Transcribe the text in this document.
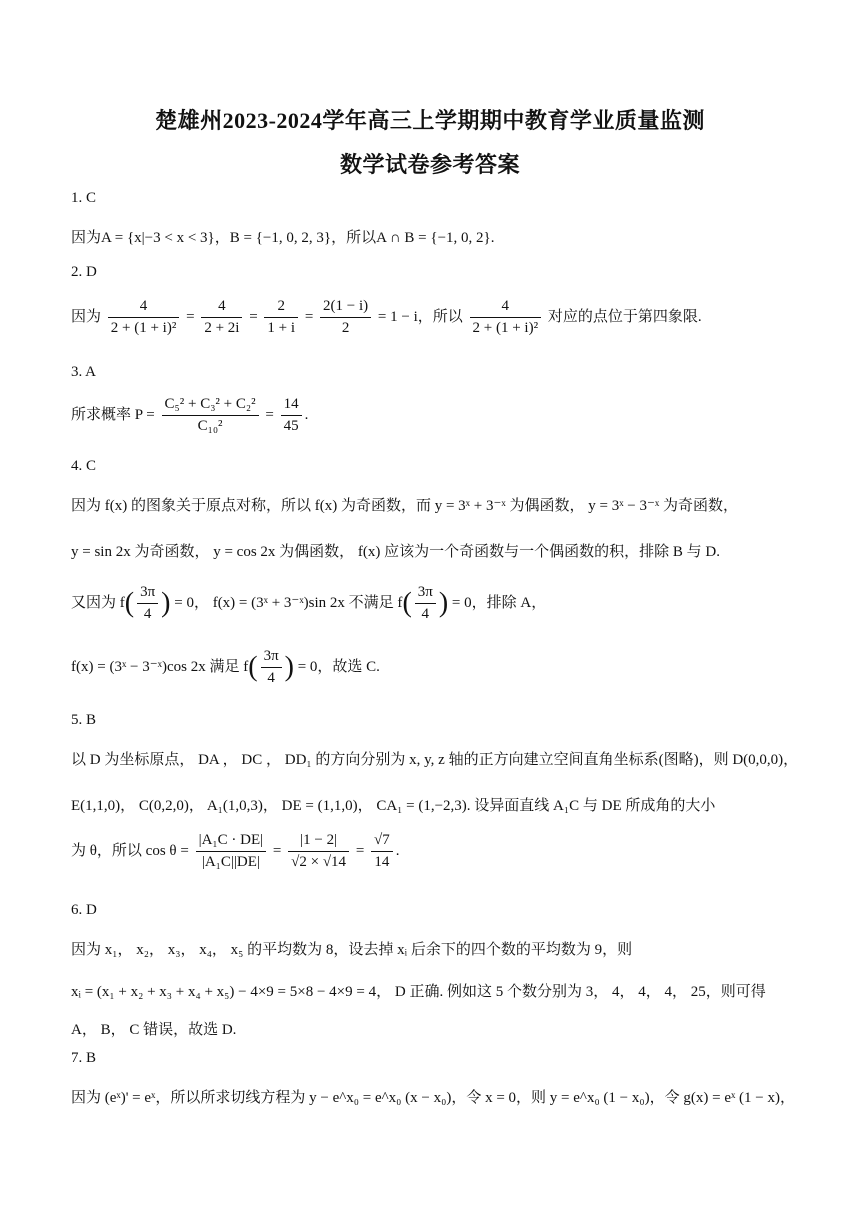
楚雄州2023-2024学年高三上学期期中教育学业质量监测
数学试卷参考答案
1. C
因为A = {x|−3 < x < 3}，B = {−1, 0, 2, 3}，所以A ∩ B = {−1, 0, 2}.
2. D
因为 $\frac{4}{\text{2 + (1 + i)²}} = \frac{4}{2 + 2i} = \frac{2}{1 + i} = \frac{2(1 - i)}{2} = 1 - i$，所以 $\frac{4}{\text{2 + (1 + i)²}}$ 对应的点位于第四象限.
3. A
所求概率 $P = \frac{\text{C₅² + C₃² + C₂²}}{\text{C₁₀²}} = \frac{14}{45}$ .
4. C
因为 f(x) 的图象关于原点对称，所以 f(x) 为奇函数，而 y = 3ˣ + 3⁻ˣ 为偶函数， y = 3ˣ − 3⁻ˣ 为奇函数，
y = sin 2x 为奇函数， y = cos 2x 为偶函数， f(x) 应该为一个奇函数与一个偶函数的积，排除 B 与 D.
又因为 $f( \frac{3\pi}{4}$ ) = 0， f(x) = (3ˣ + 3⁻ˣ)sin 2x 不满足 $f( \frac{3\pi}{4}$ ) = 0，排除 A，
f(x) = (3ˣ − 3⁻ˣ)cos 2x 满足 $f( \frac{3\pi}{4}$ ) = 0，故选 C.
5. B
以 D 为坐标原点， DA ， DC ， DD₁ 的方向分别为 x, y, z 轴的正方向建立空间直角坐标系(图略)，则 D(0,0,0)，
E(1,1,0)， C(0,2,0)， A₁(1,0,3)， DE = (1,1,0)， CA₁ = (1,−2,3). 设异面直线 A₁C 与 DE 所成角的大小
为 θ，所以 $\cos \theta = \frac{\text{|A₁C · DE|}}{\text{|A₁C||DE|}} = \frac{|1 - 2|}{√2 \times √14} = \frac{√7}{14}$ .
6. D
因为 x₁， x₂， x₃， x₄， x₅ 的平均数为 8，设去掉 xᵢ 后余下的四个数的平均数为 9，则
xᵢ = (x₁ + x₂ + x₃ + x₄ + x₅) − 4×9 = 5×8 − 4×9 = 4， D 正确. 例如这 5 个数分别为 3， 4， 4， 4， 25，则可得
A， B， C 错误，故选 D.
7. B
因为 (eˣ)' = eˣ，所以所求切线方程为 y − e^x₀ = e^x₀ (x − x₀)，令 x = 0，则 y = e^x₀ (1 − x₀)，令 g(x) = eˣ (1 − x)，
